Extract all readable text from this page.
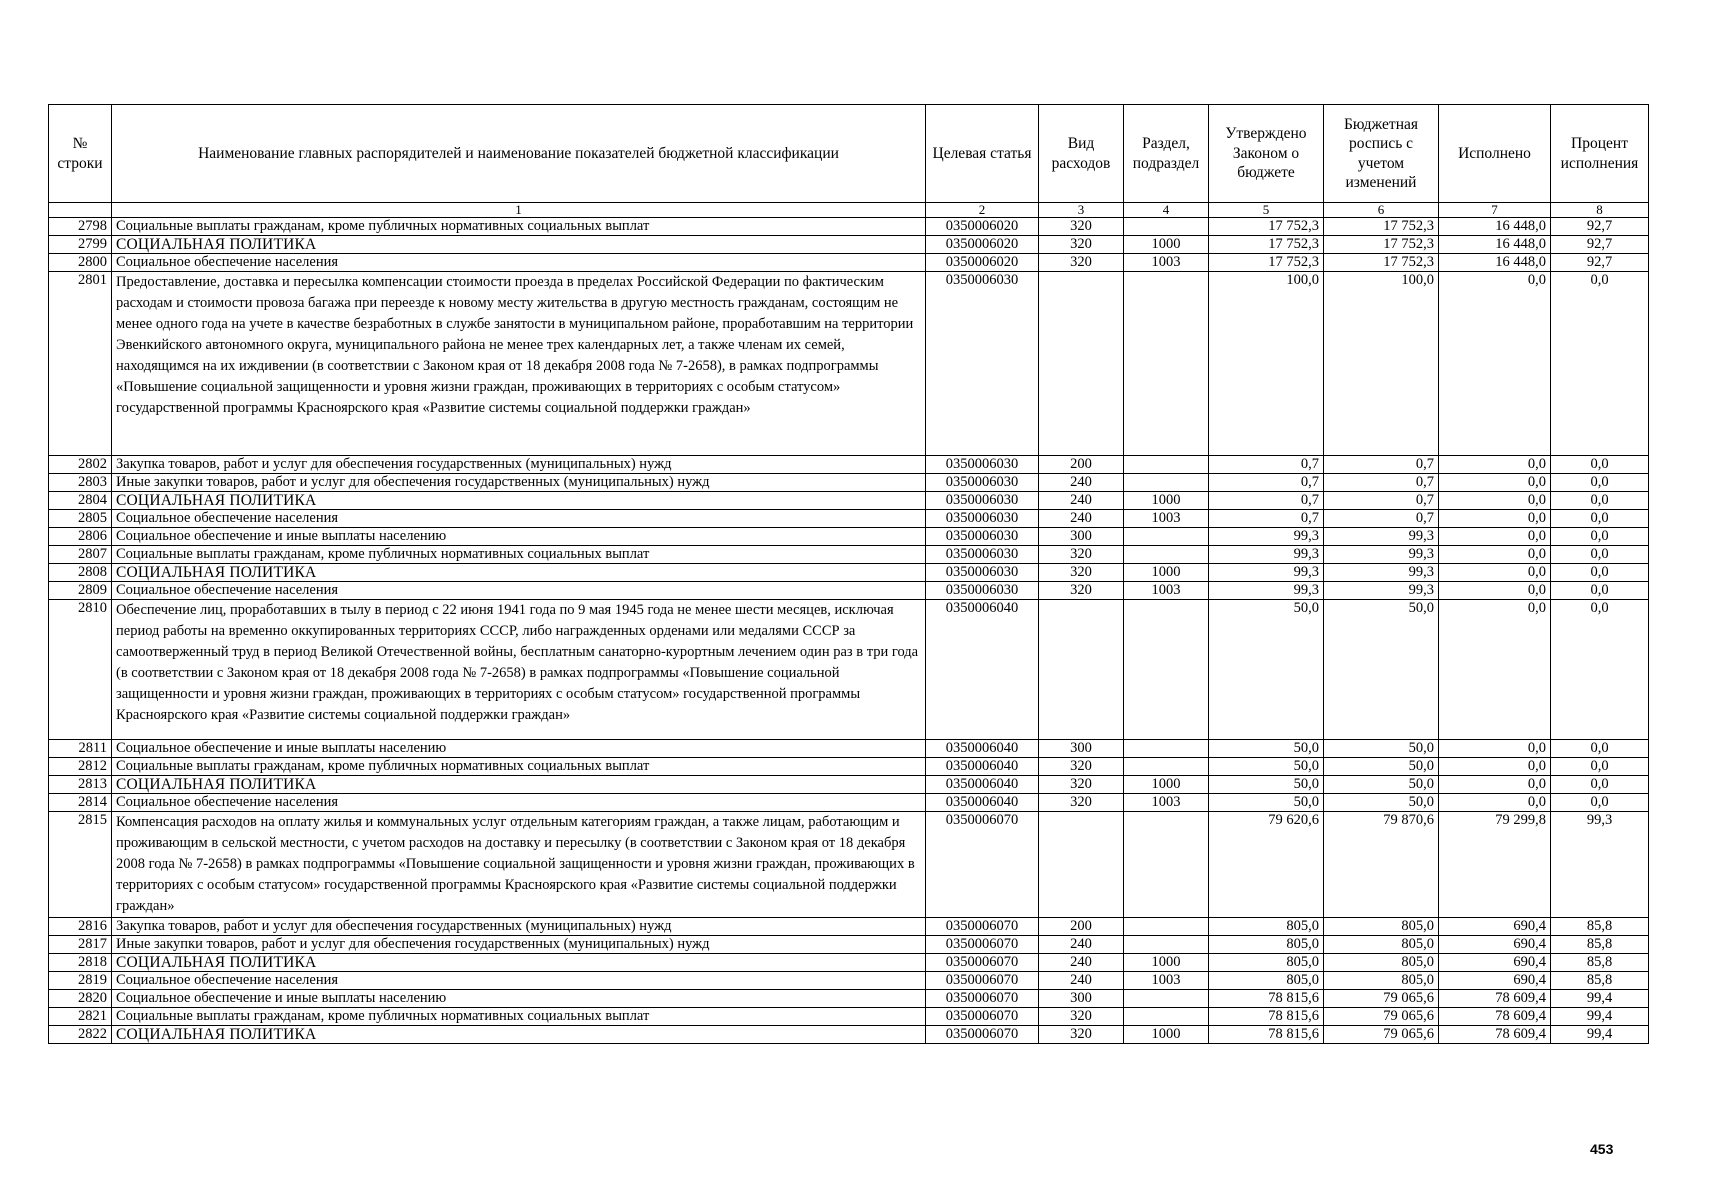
№ строки	Наименование главных распорядителей и наименование показателей бюджетной классификации	Целевая статья	Вид расходов	Раздел, подраздел	Утверждено Законом о бюджете	Бюджетная роспись с учетом изменений	Исполнено	Процент исполнения
	1	2	3	4	5	6	7	8
2798	Социальные выплаты гражданам, кроме публичных нормативных социальных выплат	0350006020	320		17 752,3	17 752,3	16 448,0	92,7
2799	СОЦИАЛЬНАЯ ПОЛИТИКА	0350006020	320	1000	17 752,3	17 752,3	16 448,0	92,7
2800	Социальное обеспечение населения	0350006020	320	1003	17 752,3	17 752,3	16 448,0	92,7
2801	Предоставление, доставка и пересылка компенсации стоимости проезда в пределах Российской Федерации по фактическим расходам и стоимости провоза багажа при переезде к новому месту жительства в другую местность гражданам, состоящим не менее одного года на учете в качестве безработных в службе занятости в муниципальном районе, проработавшим на территории Эвенкийского автономного округа, муниципального района не менее трех календарных лет, а также членам их семей, находящимся на их иждивении (в соответствии с Законом края от 18 декабря 2008 года № 7-2658), в рамках подпрограммы «Повышение социальной защищенности и уровня жизни граждан, проживающих в территориях с особым статусом» государственной программы Красноярского края «Развитие системы социальной поддержки граждан»	0350006030			100,0	100,0	0,0	0,0
2802	Закупка товаров, работ и услуг для обеспечения государственных (муниципальных) нужд	0350006030	200		0,7	0,7	0,0	0,0
2803	Иные закупки товаров, работ и услуг для обеспечения государственных (муниципальных) нужд	0350006030	240		0,7	0,7	0,0	0,0
2804	СОЦИАЛЬНАЯ ПОЛИТИКА	0350006030	240	1000	0,7	0,7	0,0	0,0
2805	Социальное обеспечение населения	0350006030	240	1003	0,7	0,7	0,0	0,0
2806	Социальное обеспечение и иные выплаты населению	0350006030	300		99,3	99,3	0,0	0,0
2807	Социальные выплаты гражданам, кроме публичных нормативных социальных выплат	0350006030	320		99,3	99,3	0,0	0,0
2808	СОЦИАЛЬНАЯ ПОЛИТИКА	0350006030	320	1000	99,3	99,3	0,0	0,0
2809	Социальное обеспечение населения	0350006030	320	1003	99,3	99,3	0,0	0,0
2810	Обеспечение лиц, проработавших в тылу в период с 22 июня 1941 года по 9 мая 1945 года не менее шести месяцев, исключая период работы на временно оккупированных территориях СССР, либо награжденных орденами или медалями СССР за самоотверженный труд в период Великой Отечественной войны, бесплатным санаторно-курортным лечением один раз в три года (в соответствии с Законом края от 18 декабря 2008 года № 7-2658) в рамках подпрограммы «Повышение социальной защищенности и уровня жизни граждан, проживающих в территориях с особым статусом» государственной программы Красноярского края «Развитие системы социальной поддержки граждан»	0350006040			50,0	50,0	0,0	0,0
2811	Социальное обеспечение и иные выплаты населению	0350006040	300		50,0	50,0	0,0	0,0
2812	Социальные выплаты гражданам, кроме публичных нормативных социальных выплат	0350006040	320		50,0	50,0	0,0	0,0
2813	СОЦИАЛЬНАЯ ПОЛИТИКА	0350006040	320	1000	50,0	50,0	0,0	0,0
2814	Социальное обеспечение населения	0350006040	320	1003	50,0	50,0	0,0	0,0
2815	Компенсация расходов на оплату жилья и коммунальных услуг отдельным категориям граждан, а также лицам, работающим и проживающим в сельской местности, с учетом расходов на доставку и пересылку (в соответствии с Законом края от 18 декабря 2008 года № 7-2658) в рамках подпрограммы «Повышение социальной защищенности и уровня жизни граждан, проживающих в территориях с особым статусом» государственной программы Красноярского края «Развитие системы социальной поддержки граждан»	0350006070			79 620,6	79 870,6	79 299,8	99,3
2816	Закупка товаров, работ и услуг для обеспечения государственных (муниципальных) нужд	0350006070	200		805,0	805,0	690,4	85,8
2817	Иные закупки товаров, работ и услуг для обеспечения государственных (муниципальных) нужд	0350006070	240		805,0	805,0	690,4	85,8
2818	СОЦИАЛЬНАЯ ПОЛИТИКА	0350006070	240	1000	805,0	805,0	690,4	85,8
2819	Социальное обеспечение населения	0350006070	240	1003	805,0	805,0	690,4	85,8
2820	Социальное обеспечение и иные выплаты населению	0350006070	300		78 815,6	79 065,6	78 609,4	99,4
2821	Социальные выплаты гражданам, кроме публичных нормативных социальных выплат	0350006070	320		78 815,6	79 065,6	78 609,4	99,4
2822	СОЦИАЛЬНАЯ ПОЛИТИКА	0350006070	320	1000	78 815,6	79 065,6	78 609,4	99,4
453
